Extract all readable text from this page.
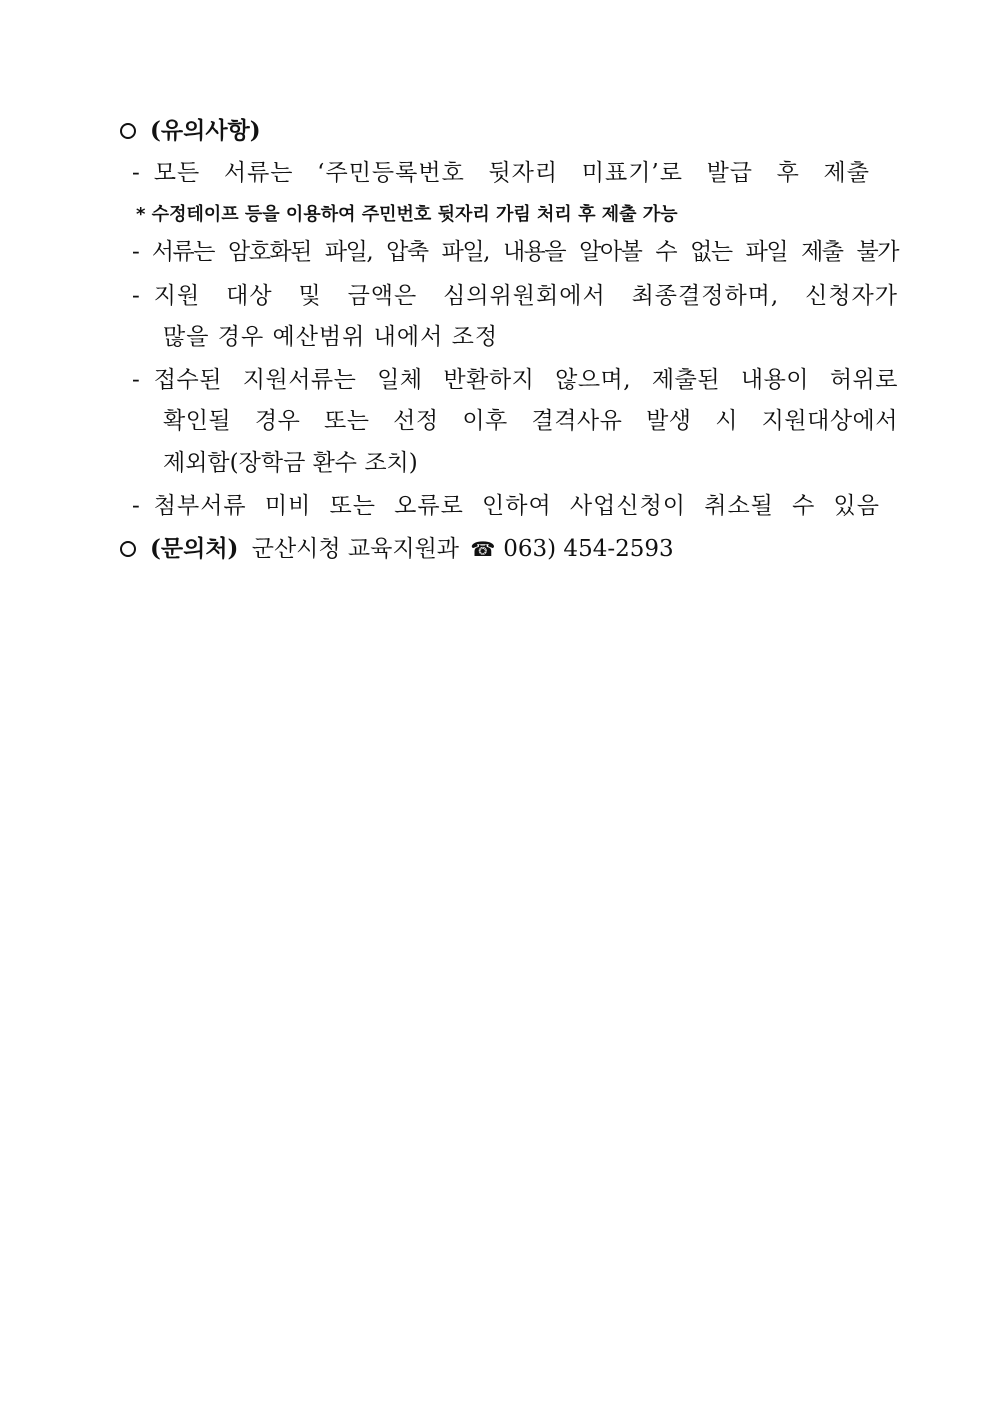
(유의사항)
- 모든 서류는 ‘주민등록번호 뒷자리 미표기’로 발급 후 제출
* 수정테이프 등을 이용하여 주민번호 뒷자리 가림 처리 후 제출 가능
- 서류는 암호화된 파일, 압축 파일, 내용을 알아볼 수 없는 파일 제출 불가
- 지원 대상 및 금액은 심의위원회에서 최종결정하며, 신청자가
많을 경우 예산범위 내에서 조정
- 접수된 지원서류는 일체 반환하지 않으며, 제출된 내용이 허위로
확인될 경우 또는 선정 이후 결격사유 발생 시 지원대상에서
제외함(장학금 환수 조치)
- 첨부서류 미비 또는 오류로 인하여 사업신청이 취소될 수 있음
(문의처) 군산시청 교육지원과 ☎ 063) 454-2593
